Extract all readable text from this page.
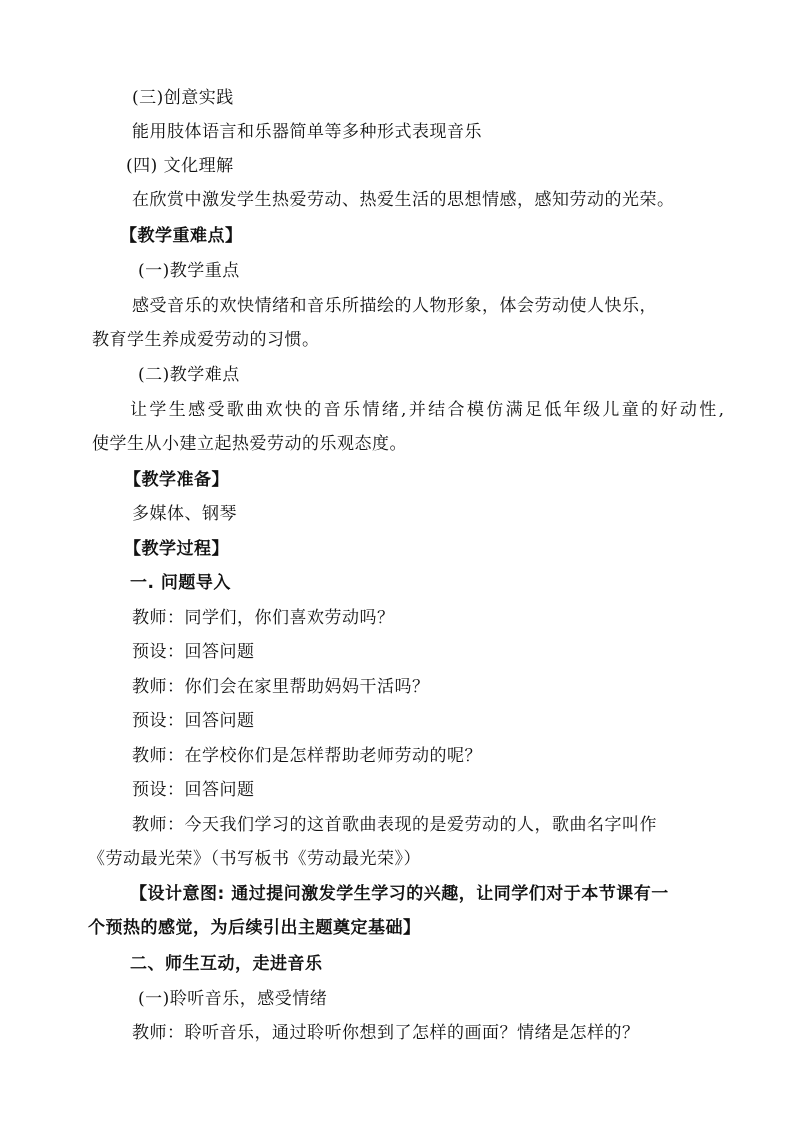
(三)创意实践
能用肢体语言和乐器简单等多种形式表现音乐
(四) 文化理解
在欣赏中激发学生热爱劳动、热爱生活的思想情感，感知劳动的光荣。
【教学重难点】
(一)教学重点
感受音乐的欢快情绪和音乐所描绘的人物形象，体会劳动使人快乐，
教育学生养成爱劳动的习惯。
(二)教学难点
让学生感受歌曲欢快的音乐情绪,并结合模仿满足低年级儿童的好动性,
使学生从小建立起热爱劳动的乐观态度。
【教学准备】
多媒体、钢琴
【教学过程】
一. 问题导入
教师：同学们，你们喜欢劳动吗？
预设：回答问题
教师：你们会在家里帮助妈妈干活吗？
预设：回答问题
教师：在学校你们是怎样帮助老师劳动的呢？
预设：回答问题
教师：今天我们学习的这首歌曲表现的是爱劳动的人，歌曲名字叫作
《劳动最光荣》（书写板书《劳动最光荣》）
【设计意图: 通过提问激发学生学习的兴趣，让同学们对于本节课有一
个预热的感觉，为后续引出主题奠定基础】
二、师生互动，走进音乐
(一)聆听音乐，感受情绪
教师：聆听音乐，通过聆听你想到了怎样的画面？情绪是怎样的？
